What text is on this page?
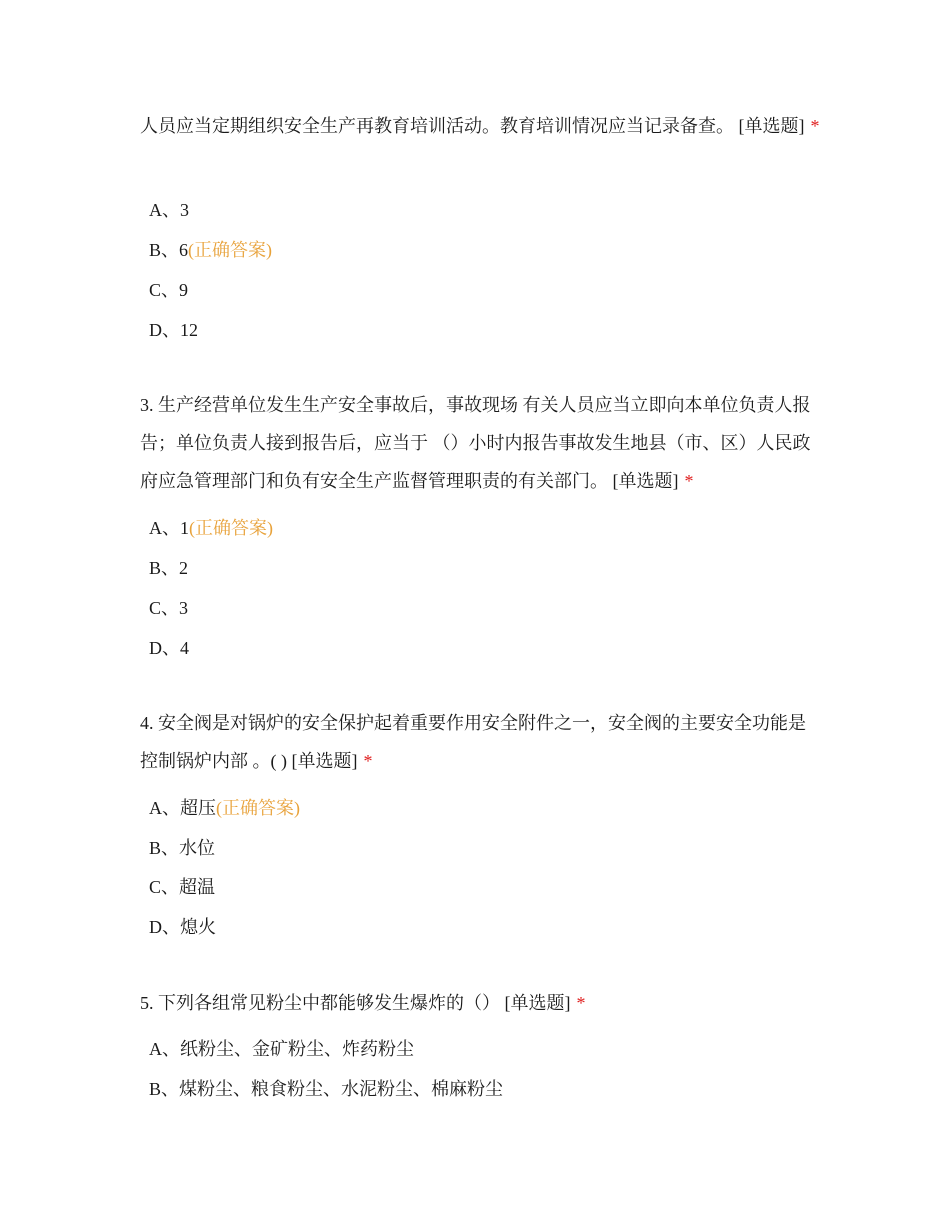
人员应当定期组织安全生产再教育培训活动。教育培训情况应当记录备查。 [单选题] *
A、3
B、6(正确答案)
C、9
D、12
3. 生产经营单位发生生产安全事故后，事故现场 有关人员应当立即向本单位负责人报告；单位负责人接到报告后，应当于 （）小时内报告事故发生地县（市、区）人民政府应急管理部门和负有安全生产监督管理职责的有关部门。 [单选题] *
A、1(正确答案)
B、2
C、3
D、4
4. 安全阀是对锅炉的安全保护起着重要作用安全附件之一，安全阀的主要安全功能是控制锅炉内部 。( ) [单选题] *
A、超压(正确答案)
B、水位
C、超温
D、熄火
5. 下列各组常见粉尘中都能够发生爆炸的（） [单选题] *
A、纸粉尘、金矿粉尘、炸药粉尘
B、煤粉尘、粮食粉尘、水泥粉尘、棉麻粉尘
